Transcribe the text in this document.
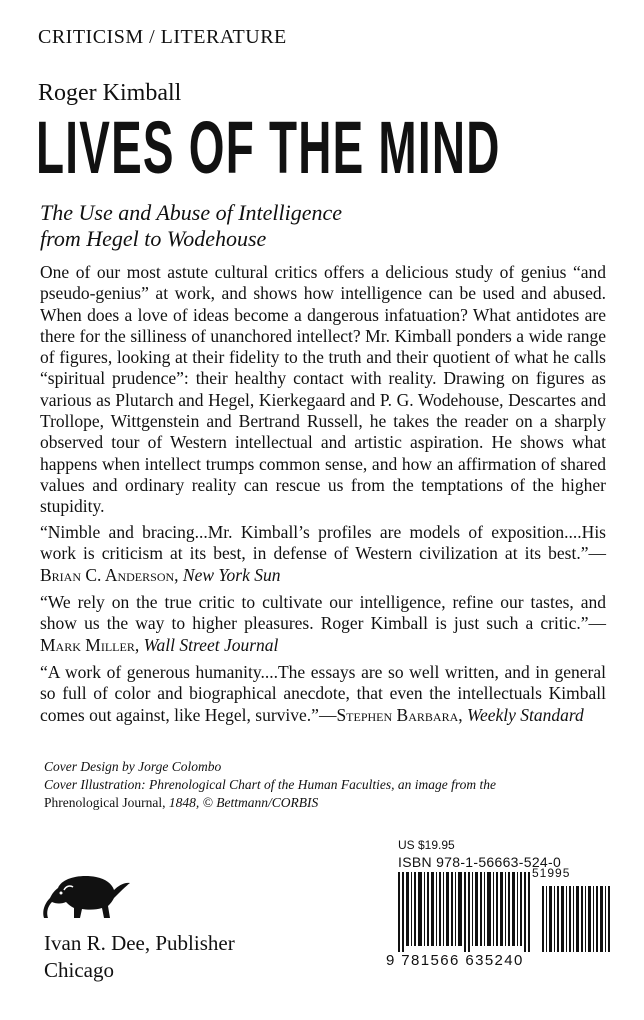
CRITICISM / LITERATURE
Roger Kimball
LIVES OF THE MIND
The Use and Abuse of Intelligence
from Hegel to Wodehouse

One of our most astute cultural critics offers a delicious study of genius “and pseudo-genius” at work, and shows how intelligence can be used and abused. When does a love of ideas become a dangerous infatuation? What antidotes are there for the silliness of unanchored intellect? Mr. Kimball ponders a wide range of figures, looking at their fidelity to the truth and their quotient of what he calls “spiritual prudence”: their healthy contact with reality. Drawing on figures as various as Plutarch and Hegel, Kierkegaard and P. G. Wodehouse, Descartes and Trollope, Wittgenstein and Bertrand Russell, he takes the reader on a sharply observed tour of Western intellectual and artistic aspiration. He shows what happens when intellect trumps common sense, and how an affirmation of shared values and ordinary reality can rescue us from the temptations of the higher stupidity.

“Nimble and bracing...Mr. Kimball’s profiles are models of exposition....His work is criticism at its best, in defense of Western civilization at its best.”—Brian C. Anderson, New York Sun

“We rely on the true critic to cultivate our intelligence, refine our tastes, and show us the way to higher pleasures. Roger Kimball is just such a critic.”—Mark Miller, Wall Street Journal

“A work of generous humanity....The essays are so well written, and in general so full of color and biographical anecdote, that even the intellectuals Kimball comes out against, like Hegel, survive.”—Stephen Barbara, Weekly Standard

Cover Design by Jorge Colombo
Cover Illustration: Phrenological Chart of the Human Faculties, an image from the
Phrenological Journal, 1848, © Bettmann/CORBIS
Ivan R. Dee, Publisher
Chicago
US $19.95
ISBN 978-1-56663-524-0
51995
9 781566 635240
